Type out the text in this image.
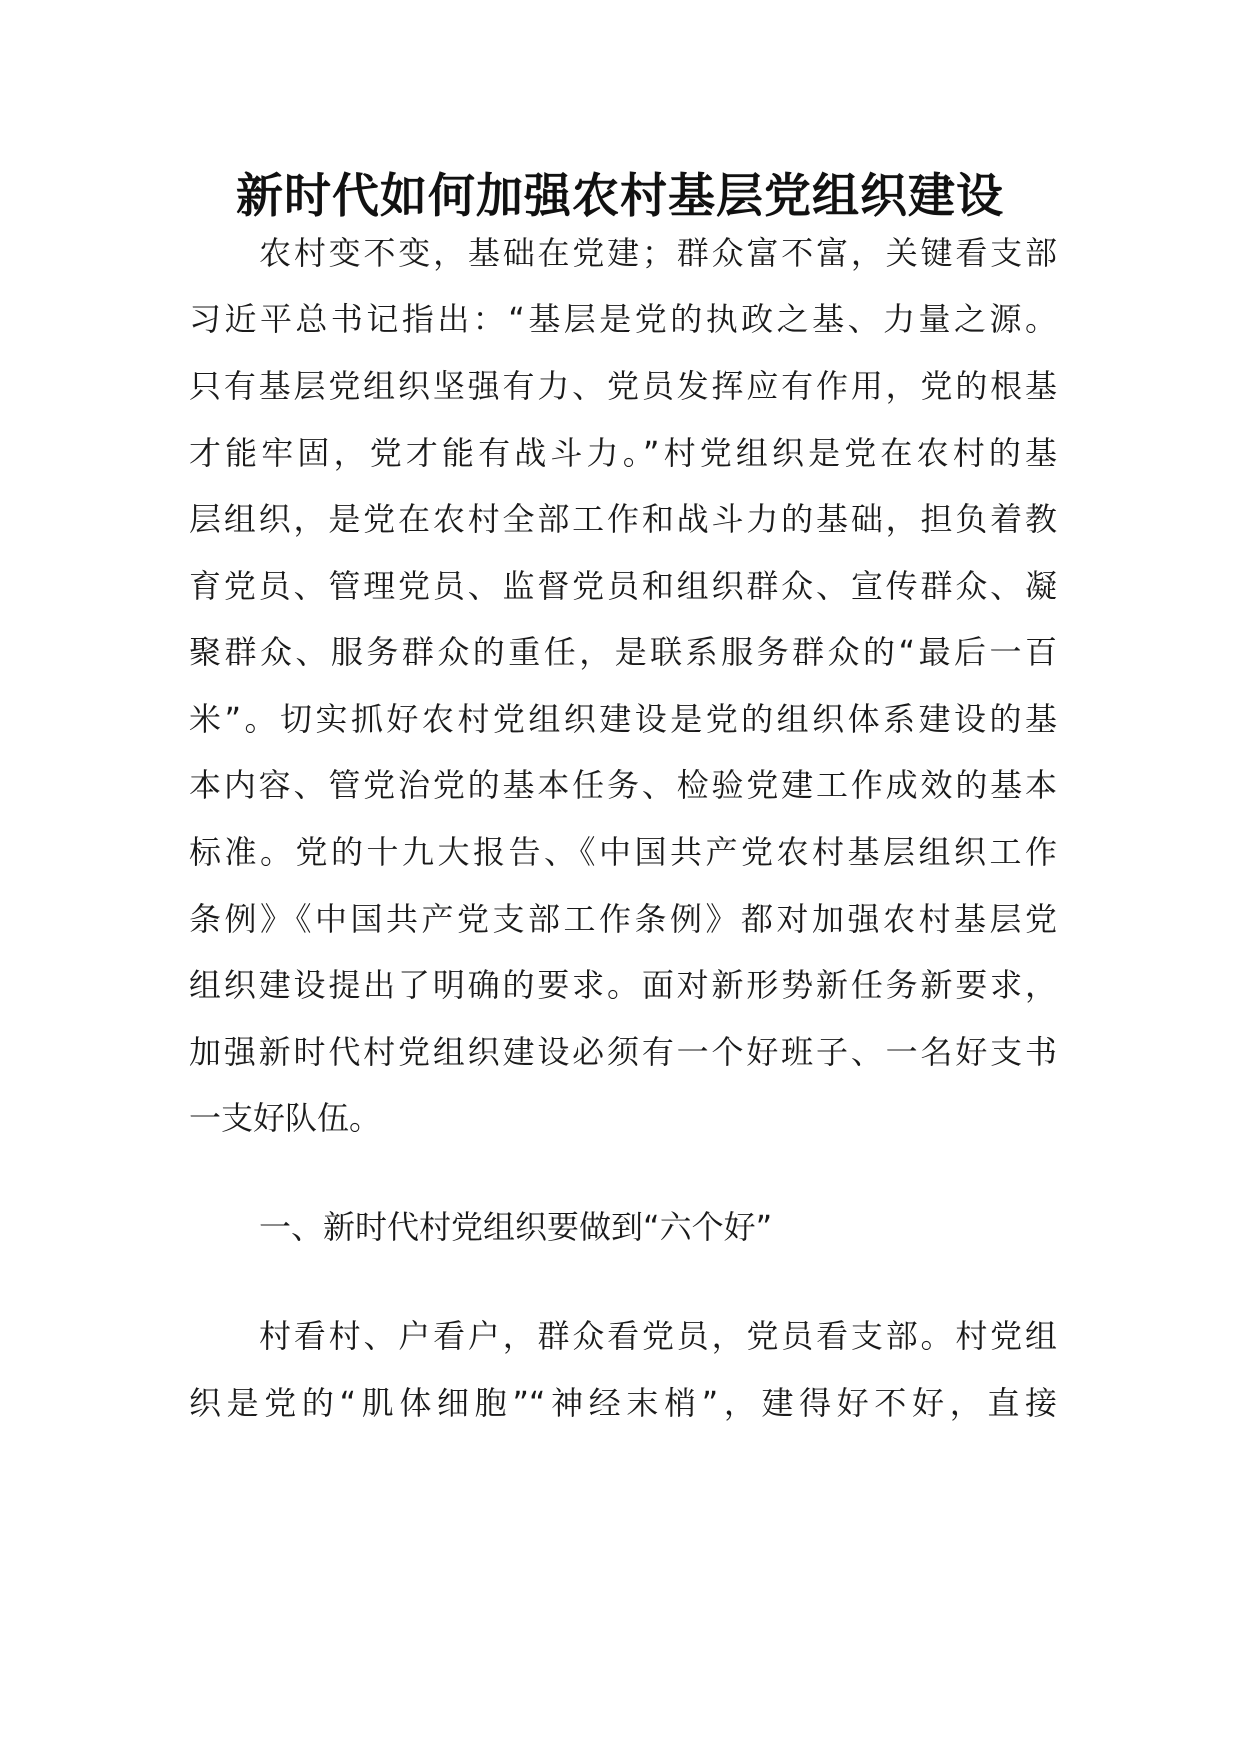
新时代如何加强农村基层党组织建设
农村变不变，基础在党建；群众富不富，关键看支部
习近平总书记指出：“基层是党的执政之基、力量之源。
只有基层党组织坚强有力、党员发挥应有作用，党的根基
才能牢固，党才能有战斗力。”村党组织是党在农村的基
层组织，是党在农村全部工作和战斗力的基础，担负着教
育党员、管理党员、监督党员和组织群众、宣传群众、凝
聚群众、服务群众的重任，是联系服务群众的“最后一百
米”。切实抓好农村党组织建设是党的组织体系建设的基
本内容、管党治党的基本任务、检验党建工作成效的基本
标准。党的十九大报告、《中国共产党农村基层组织工作
条例》《中国共产党支部工作条例》都对加强农村基层党
组织建设提出了明确的要求。面对新形势新任务新要求，
加强新时代村党组织建设必须有一个好班子、一名好支书
一支好队伍。
一、新时代村党组织要做到“六个好”
村看村、户看户，群众看党员，党员看支部。村党组
织是党的“肌体细胞”“神经末梢”，建得好不好，直接
